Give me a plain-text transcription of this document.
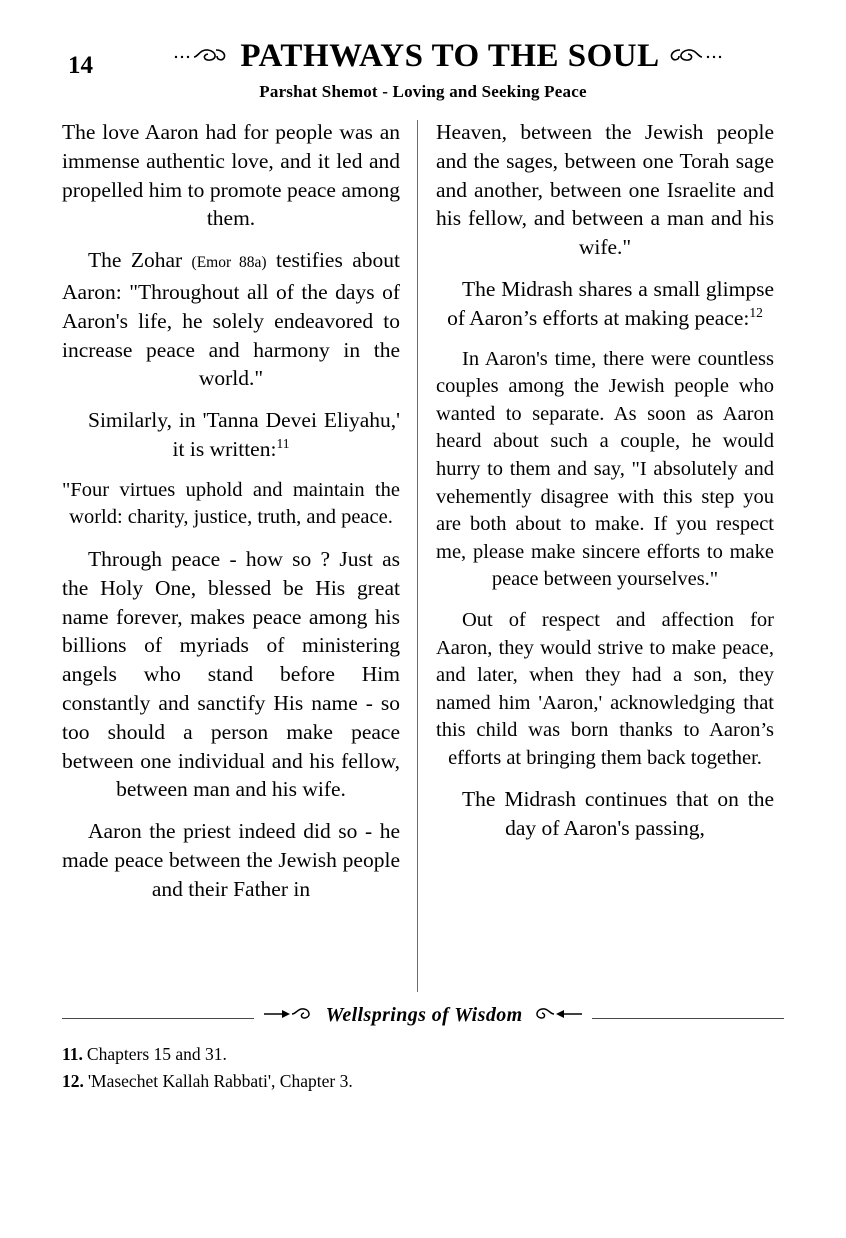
14	PATHWAYS TO THE SOUL
Parshat Shemot - Loving and Seeking Peace

The love Aaron had for people was an immense authentic love, and it led and propelled him to promote peace among them.

The Zohar (Emor 88a) testifies about Aaron: "Throughout all of the days of Aaron's life, he solely endeavored to increase peace and harmony in the world."

Similarly, in 'Tanna Devei Eliyahu,' it is written:$^{11}$

"Four virtues uphold and maintain the world: charity, justice, truth, and peace.

Through peace - how so ? Just as the Holy One, blessed be His great name forever, makes peace among his billions of myriads of ministering angels who stand before Him constantly and sanctify His name - so too should a person make peace between one individual and his fellow, between man and his wife.

Aaron the priest indeed did so - he made peace between the Jewish people and their Father in

Heaven, between the Jewish people and the sages, between one Torah sage and another, between one Israelite and his fellow, and between a man and his wife."

The Midrash shares a small glimpse of Aaron’s efforts at making peace:$^{12}$

In Aaron's time, there were countless couples among the Jewish people who wanted to separate. As soon as Aaron heard about such a couple, he would hurry to them and say, "I absolutely and vehemently disagree with this step you are both about to make. If you respect me, please make sincere efforts to make peace between yourselves."

Out of respect and affection for Aaron, they would strive to make peace, and later, when they had a son, they named him 'Aaron,' acknowledging that this child was born thanks to Aaron’s efforts at bringing them back together.

The Midrash continues that on the day of Aaron's passing,

Wellsprings of Wisdom
11. Chapters 15 and 31.
12. 'Masechet Kallah Rabbati', Chapter 3.
